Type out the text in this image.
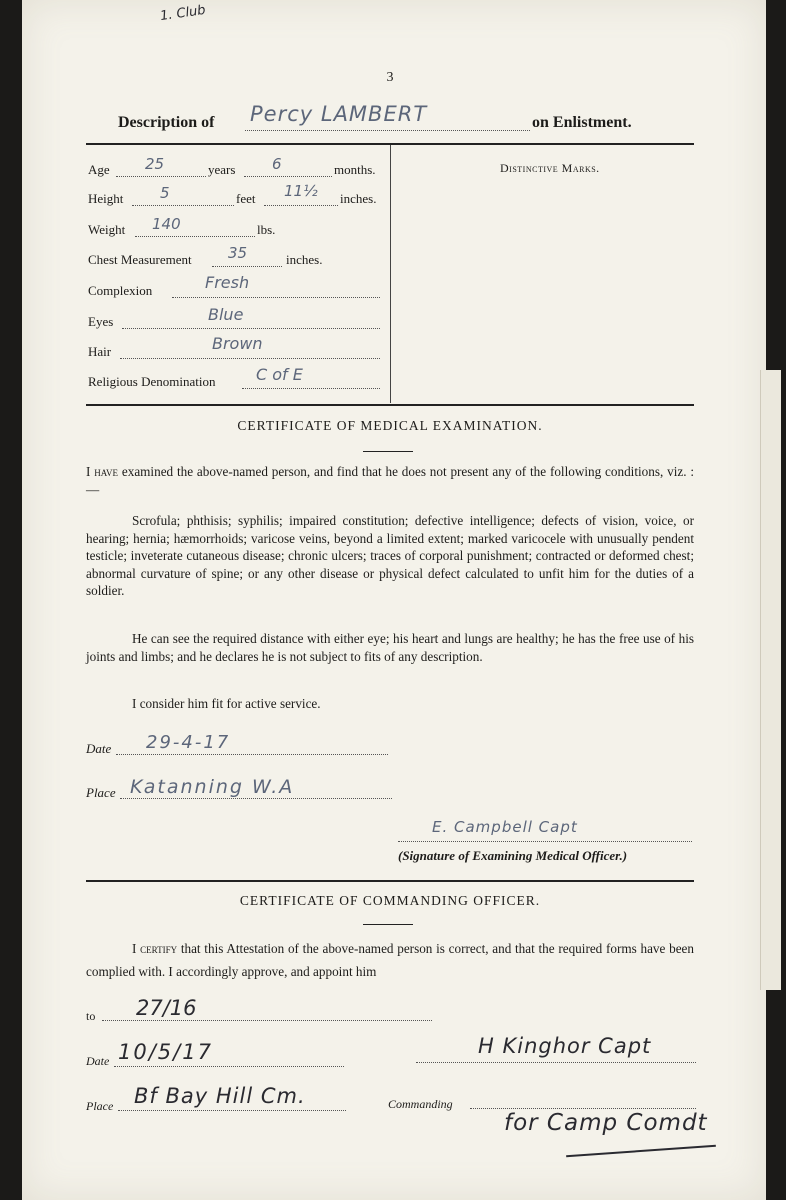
1. Club
3
Description of Percy LAMBERT	on Enlistment.
Age 25	years 6	months.
Height 5	feet 11½ inches.
Weight 140	lbs.
Chest Measurement 35	inches.
Complexion	Fresh
Eyes	Blue
Hair	Brown
Religious Denomination	C of E
Distinctive Marks.
CERTIFICATE OF MEDICAL EXAMINATION.
I have examined the above-named person, and find that he does not present any of the following conditions, viz. :—
Scrofula; phthisis; syphilis; impaired constitution; defective intelligence; defects of vision, voice, or hearing; hernia; hæmorrhoids; varicose veins, beyond a limited extent; marked varicocele with unusually pendent testicle; inveterate cutaneous disease; chronic ulcers; traces of corporal punishment; contracted or deformed chest; abnormal curvature of spine; or any other disease or physical defect calculated to unfit him for the duties of a soldier.
He can see the required distance with either eye; his heart and lungs are healthy; he has the free use of his joints and limbs; and he declares he is not subject to fits of any description.
I consider him fit for active service.
Date 29-4-17
Place Katanning W.A
E. Campbell Capt
(Signature of Examining Medical Officer.)
CERTIFICATE OF COMMANDING OFFICER.
I certify that this Attestation of the above-named person is correct, and that the required forms have been complied with. I accordingly approve, and appoint him
to 27/16
Date 10/5/17	H Kinghor Capt
Place Bf Bay Hill Cm.	Commanding
for Camp Comdt
